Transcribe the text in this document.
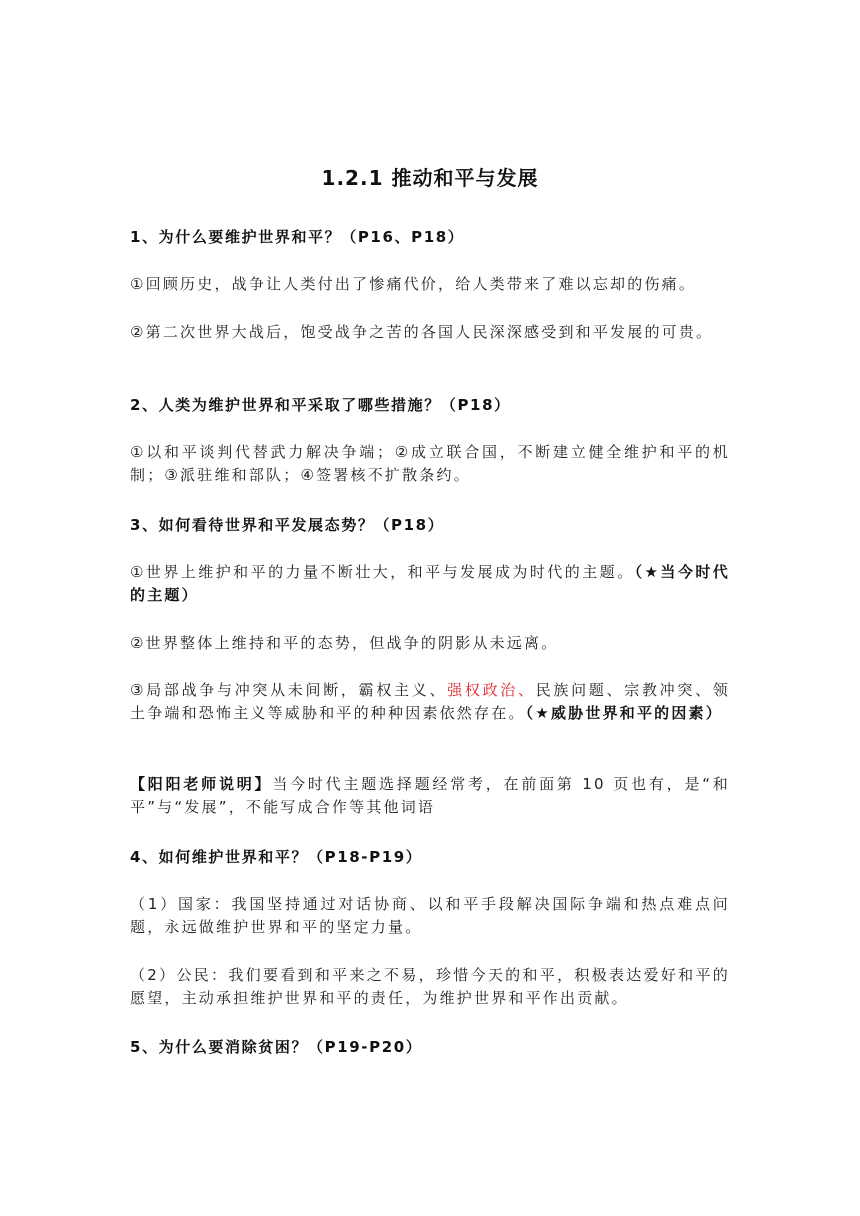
1.2.1 推动和平与发展
1、为什么要维护世界和平？（P16、P18）
①回顾历史，战争让人类付出了惨痛代价，给人类带来了难以忘却的伤痛。
②第二次世界大战后，饱受战争之苦的各国人民深深感受到和平发展的可贵。
2、人类为维护世界和平采取了哪些措施？（P18）
①以和平谈判代替武力解决争端；②成立联合国，不断建立健全维护和平的机制；③派驻维和部队；④签署核不扩散条约。
3、如何看待世界和平发展态势？（P18）
①世界上维护和平的力量不断壮大，和平与发展成为时代的主题。（★当今时代的主题）
②世界整体上维持和平的态势，但战争的阴影从未远离。
③局部战争与冲突从未间断，霸权主义、强权政治、民族问题、宗教冲突、领土争端和恐怖主义等威胁和平的种种因素依然存在。（★威胁世界和平的因素）
【阳阳老师说明】当今时代主题选择题经常考，在前面第 10 页也有，是“和平”与“发展”，不能写成合作等其他词语
4、如何维护世界和平？（P18-P19）
（1）国家：我国坚持通过对话协商、以和平手段解决国际争端和热点难点问题，永远做维护世界和平的坚定力量。
（2）公民：我们要看到和平来之不易，珍惜今天的和平，积极表达爱好和平的愿望，主动承担维护世界和平的责任，为维护世界和平作出贡献。
5、为什么要消除贫困？（P19-P20）
